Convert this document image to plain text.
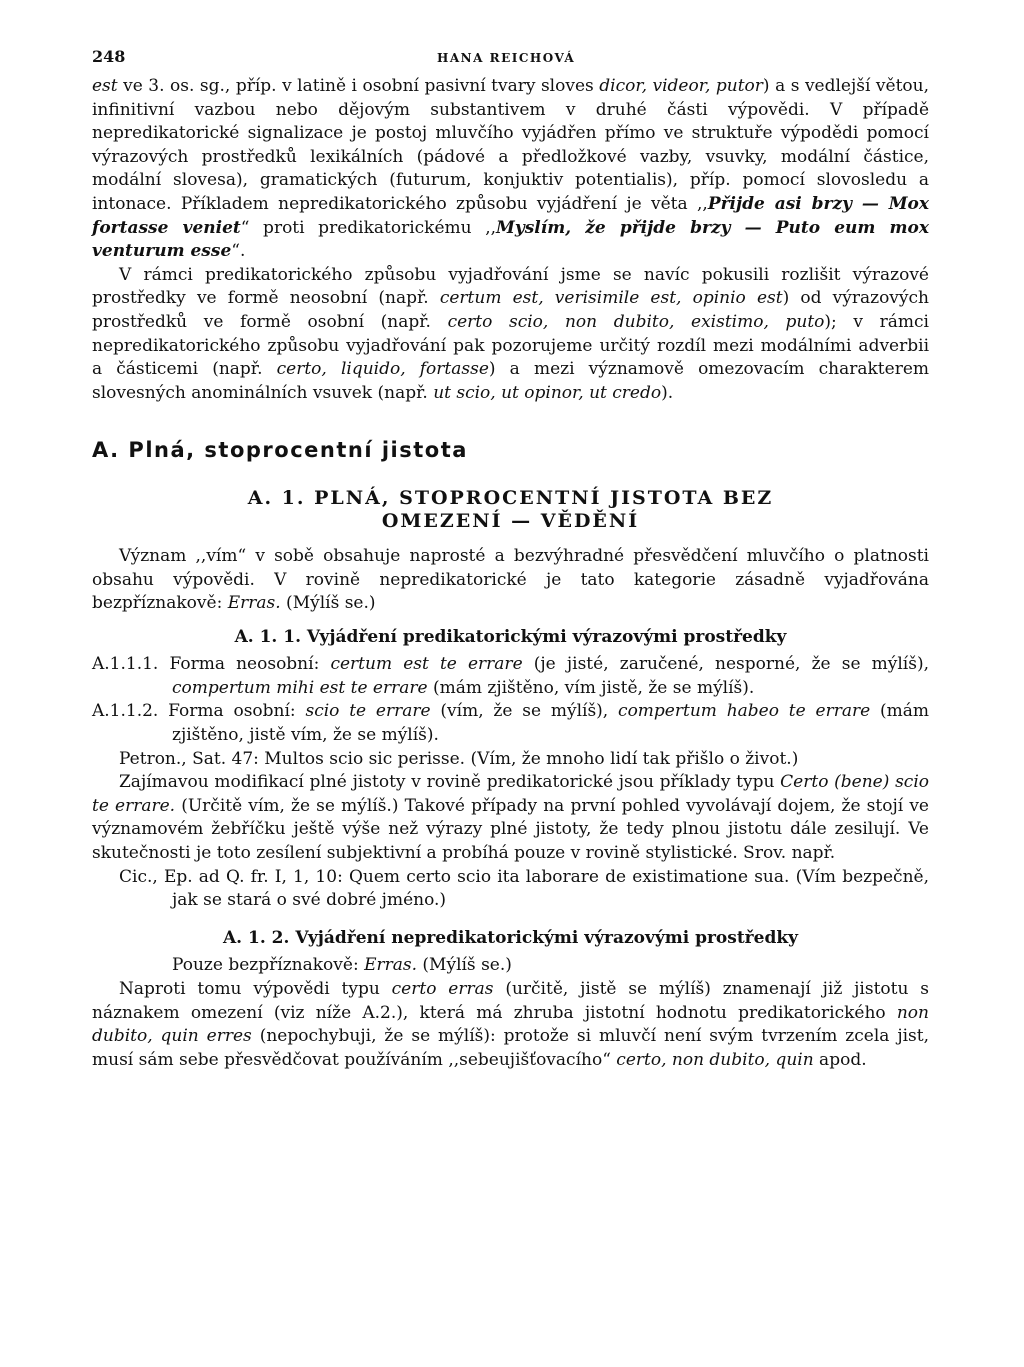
248	HANA REICHOVÁ

est ve 3. os. sg., příp. v latině i osobní pasivní tvary sloves dicor, videor, putor) a s vedlejší větou, infinitivní vazbou nebo dějovým substantivem v druhé části výpovědi. V případě nepredikatorické signalizace je postoj mluvčího vyjádřen přímo ve struktuře výpodědi pomocí výrazových prostředků lexikálních (pádové a předložkové vazby, vsuvky, modální částice, modální slovesa), gramatických (futurum, konjuktiv potentialis), příp. pomocí slovosledu a intonace. Příkladem nepredikatorického způsobu vyjádření je věta ,,Přijde asi brzy — Mox fortasse veniet“ proti predikatorickému ,,Myslím, že přijde brzy — Puto eum mox venturum esse“.

V rámci predikatorického způsobu vyjadřování jsme se navíc pokusili rozlišit výrazové prostředky ve formě neosobní (např. certum est, verisimile est, opinio est) od výrazových prostředků ve formě osobní (např. certo scio, non dubito, existimo, puto); v rámci nepredikatorického způsobu vyjadřování pak pozorujeme určitý rozdíl mezi modálními adverbii a částicemi (např. certo, liquido, fortasse) a mezi významově omezovacím charakterem slovesných anominálních vsuvek (např. ut scio, ut opinor, ut credo).

A. Plná, stoprocentní jistota
A. 1. PLNÁ, STOPROCENTNÍ JISTOTA BEZ
OMEZENÍ — VĚDĚNÍ

Význam ,,vím“ v sobě obsahuje naprosté a bezvýhradné přesvědčení mluvčího o platnosti obsahu výpovědi. V rovině nepredikatorické je tato kategorie zásadně vyjadřována bezpříznakově: Erras. (Mýlíš se.)

A. 1. 1. Vyjádření predikatorickými výrazovými prostředky

A.1.1.1. Forma neosobní: certum est te errare (je jisté, zaručené, nesporné, že se mýlíš), compertum mihi est te errare (mám zjištěno, vím jistě, že se mýlíš).

A.1.1.2. Forma osobní: scio te errare (vím, že se mýlíš), compertum habeo te errare (mám zjištěno, jistě vím, že se mýlíš).

Petron., Sat. 47: Multos scio sic perisse. (Vím, že mnoho lidí tak přišlo o život.)

Zajímavou modifikací plné jistoty v rovině predikatorické jsou příklady typu Certo (bene) scio te errare. (Určitě vím, že se mýlíš.) Takové případy na první pohled vyvolávají dojem, že stojí ve významovém žebříčku ještě výše než výrazy plné jistoty, že tedy plnou jistotu dále zesilují. Ve skutečnosti je toto zesílení subjektivní a probíhá pouze v rovině stylistické. Srov. např.

Cic., Ep. ad Q. fr. I, 1, 10: Quem certo scio ita laborare de existimatione sua. (Vím bezpečně, jak se stará o své dobré jméno.)

A. 1. 2. Vyjádření nepredikatorickými výrazovými prostředky

Pouze bezpříznakově: Erras. (Mýlíš se.)

Naproti tomu výpovědi typu certo erras (určitě, jistě se mýlíš) znamenají již jistotu s náznakem omezení (viz níže A.2.), která má zhruba jistotní hodnotu predikatorického non dubito, quin erres (nepochybuji, že se mýlíš): protože si mluvčí není svým tvrzením zcela jist, musí sám sebe přesvědčovat používáním ,,sebeujišťovacího“ certo, non dubito, quin apod.
